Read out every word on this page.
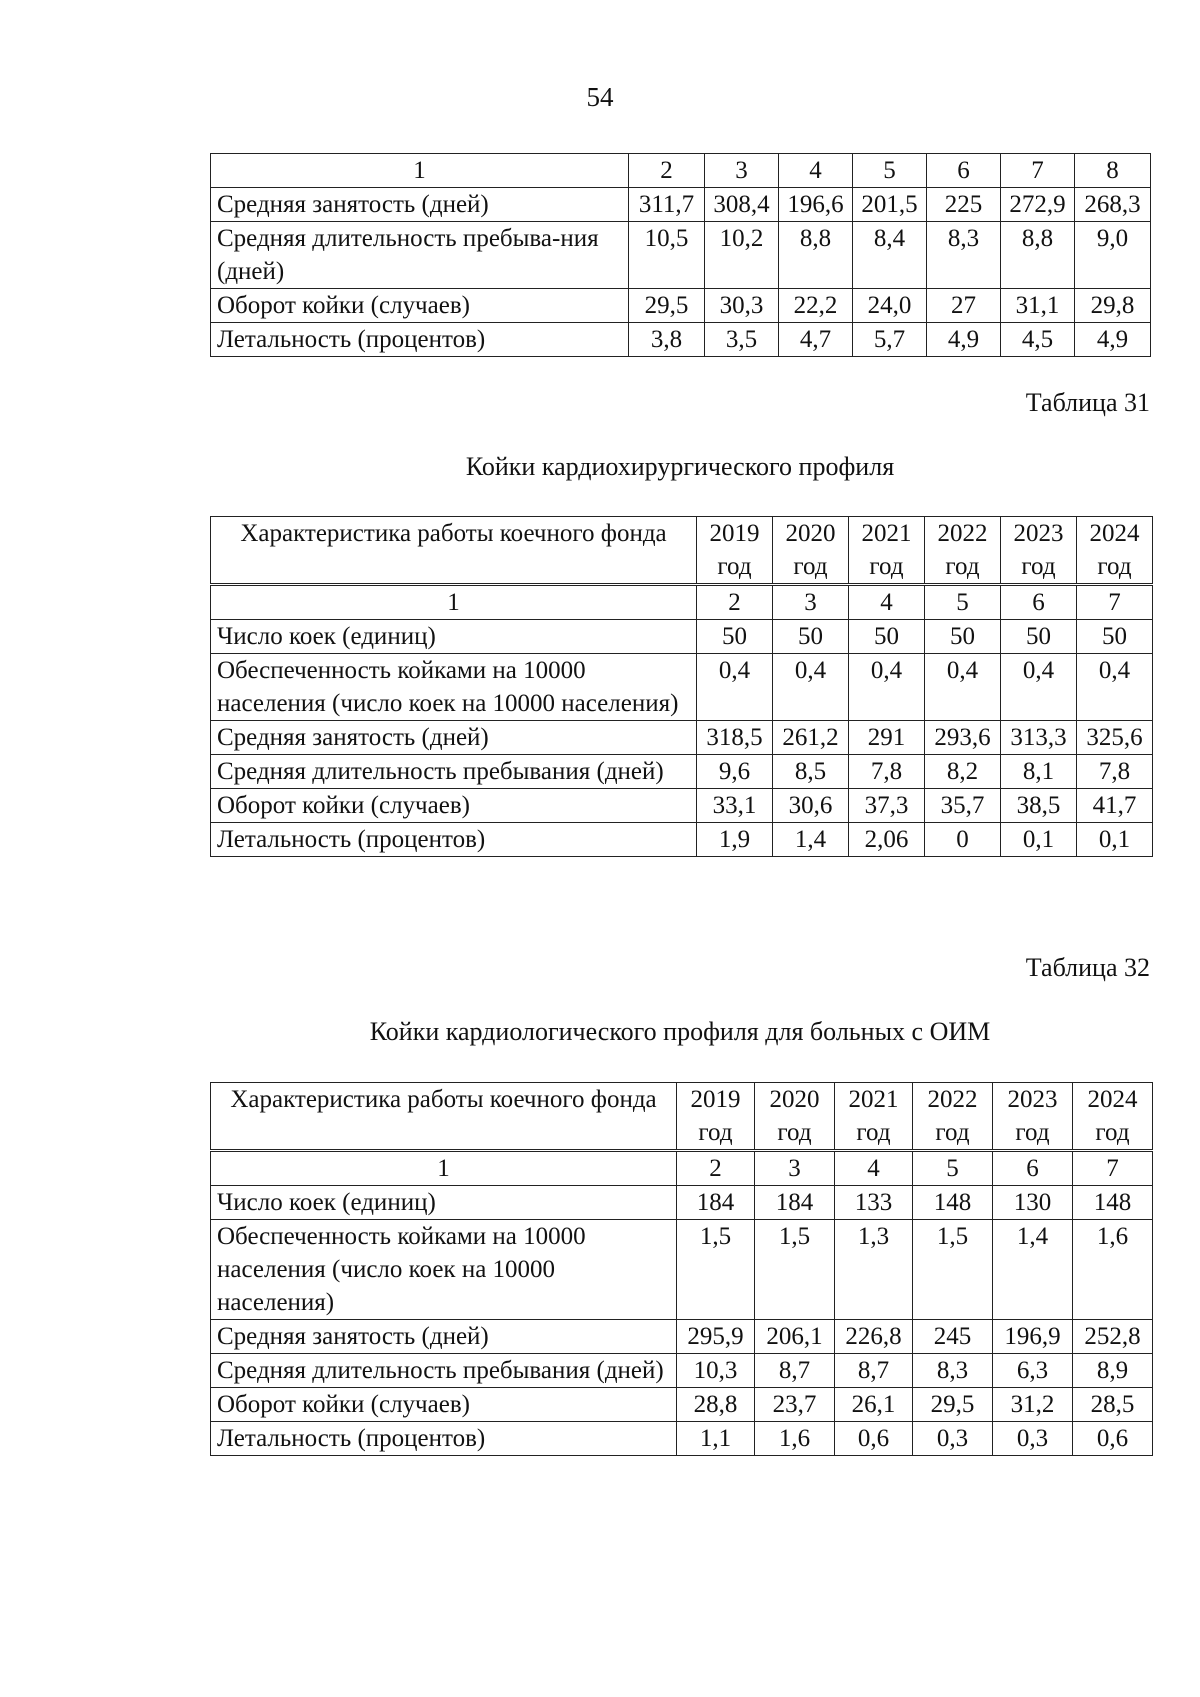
54
1	2	3	4	5	6	7	8
Средняя занятость (дней)	311,7	308,4	196,6	201,5	225	272,9	268,3
Средняя длительность пребыва-ния (дней)	10,5	10,2	8,8	8,4	8,3	8,8	9,0
Оборот койки (случаев)	29,5	30,3	22,2	24,0	27	31,1	29,8
Летальность (процентов)	3,8	3,5	4,7	5,7	4,9	4,5	4,9
Таблица 31
Койки кардиохирургического профиля
Характеристика работы коечного фонда	2019 год	2020 год	2021 год	2022 год	2023 год	2024 год
1	2	3	4	5	6	7
Число коек (единиц)	50	50	50	50	50	50
Обеспеченность койками на 10000 населения (число коек на 10000 населения)	0,4	0,4	0,4	0,4	0,4	0,4
Средняя занятость (дней)	318,5	261,2	291	293,6	313,3	325,6
Средняя длительность пребывания (дней)	9,6	8,5	7,8	8,2	8,1	7,8
Оборот койки (случаев)	33,1	30,6	37,3	35,7	38,5	41,7
Летальность (процентов)	1,9	1,4	2,06	0	0,1	0,1
Таблица 32
Койки кардиологического профиля для больных с ОИМ
Характеристика работы коечного фонда	2019 год	2020 год	2021 год	2022 год	2023 год	2024 год
1	2	3	4	5	6	7
Число коек (единиц)	184	184	133	148	130	148
Обеспеченность койками на 10000 населения (число коек на 10000 населения)	1,5	1,5	1,3	1,5	1,4	1,6
Средняя занятость (дней)	295,9	206,1	226,8	245	196,9	252,8
Средняя длительность пребывания (дней)	10,3	8,7	8,7	8,3	6,3	8,9
Оборот койки (случаев)	28,8	23,7	26,1	29,5	31,2	28,5
Летальность (процентов)	1,1	1,6	0,6	0,3	0,3	0,6
